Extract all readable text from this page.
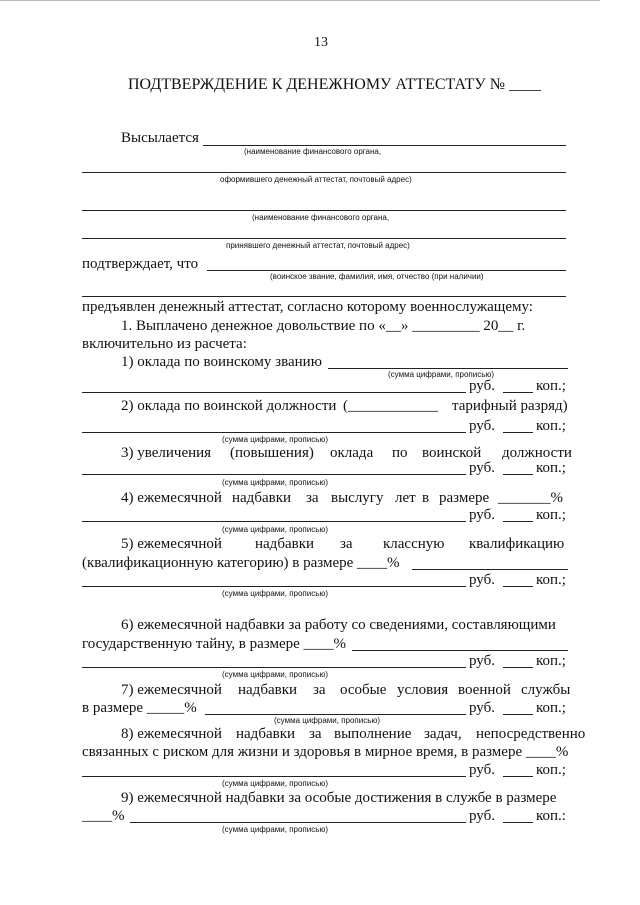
13
ПОДТВЕРЖДЕНИЕ К ДЕНЕЖНОМУ АТТЕСТАТУ № ____
Высылается
(наименование финансового органа,
оформившего денежный аттестат, почтовый адрес)
(наименование финансового органа,
принявшего денежный аттестат, почтовый адрес)
подтверждает, что
(воинское звание, фамилия, имя, отчество (при наличии)
предъявлен денежный аттестат, согласно которому военнослужащему:
1. Выплачено денежное довольствие по «__» _________ 20__ г.
включительно из расчета:
1) оклада по воинскому званию
(сумма цифрами, прописью)
руб.	коп.;
2) оклада по воинской должности (____________ тарифный разряд)
руб.	коп.;
(сумма цифрами, прописью)
3) увеличения (повышения) оклада по воинской должности
руб.	коп.;
(сумма цифрами, прописью)
4) ежемесячной надбавки за выслугу лет в размере _______%
руб.	коп.;
(сумма цифрами, прописью)
5) ежемесячной надбавки за классную квалификацию
(квалификационную категорию) в размере ____%
руб.	коп.;
(сумма цифрами, прописью)
6) ежемесячной надбавки за работу со сведениями, составляющими
государственную тайну, в размере ____%
руб.	коп.;
(сумма цифрами, прописью)
7) ежемесячной надбавки за особые условия военной службы
в размере _____%	руб.	коп.;
(сумма цифрами, прописью)
8) ежемесячной надбавки за выполнение задач, непосредственно
связанных с риском для жизни и здоровья в мирное время, в размере ____%
руб.	коп.;
(сумма цифрами, прописью)
9) ежемесячной надбавки за особые достижения в службе в размере
____%	руб.	коп.:
(сумма цифрами, прописью)
